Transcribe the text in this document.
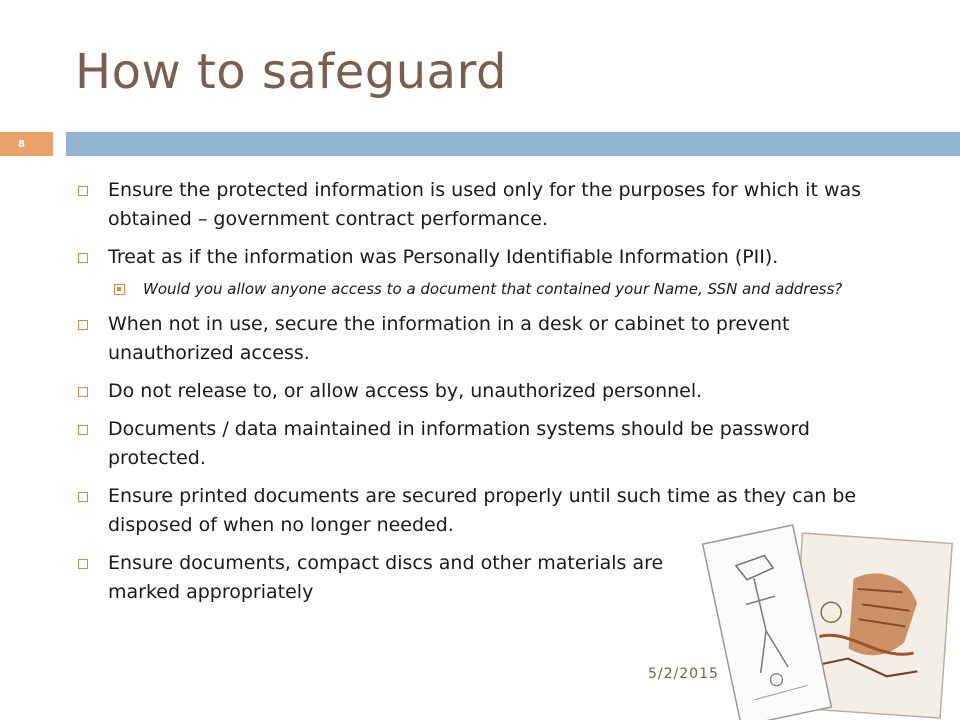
How to safeguard
8
Ensure the protected information is used only for the purposes for which it was obtained – government contract performance.
Treat as if the information was Personally Identifiable Information (PII).
Would you allow anyone access to a document that contained your Name, SSN and address?
When not in use, secure the information in a desk or cabinet to prevent unauthorized access.
Do not release to, or allow access by, unauthorized personnel.
Documents / data maintained in information systems should be password protected.
Ensure printed documents are secured properly until such time as they can be disposed of when no longer needed.
Ensure documents, compact discs and other materials are marked appropriately
5/2/2015
